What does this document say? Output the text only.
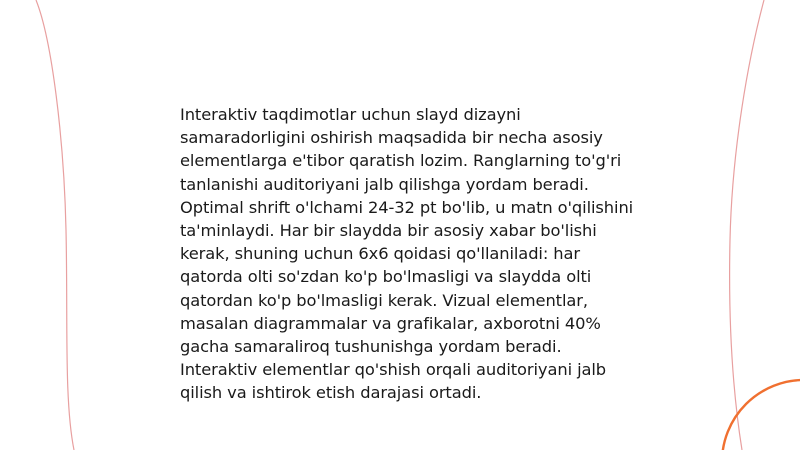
Interaktiv taqdimotlar uchun slayd dizayni samaradorligini oshirish maqsadida bir necha asosiy elementlarga e'tibor qaratish lozim. Ranglarning to'g'ri tanlanishi auditoriyani jalb qilishga yordam beradi. Optimal shrift o'lchami 24-32 pt bo'lib, u matn o'qilishini ta'minlaydi. Har bir slaydda bir asosiy xabar bo'lishi kerak, shuning uchun 6x6 qoidasi qo'llaniladi: har qatorda olti so'zdan ko'p bo'lmasligi va slaydda olti qatordan ko'p bo'lmasligi kerak. Vizual elementlar, masalan diagrammalar va grafikalar, axborotni 40% gacha samaraliroq tushunishga yordam beradi. Interaktiv elementlar qo'shish orqali auditoriyani jalb qilish va ishtirok etish darajasi ortadi.
